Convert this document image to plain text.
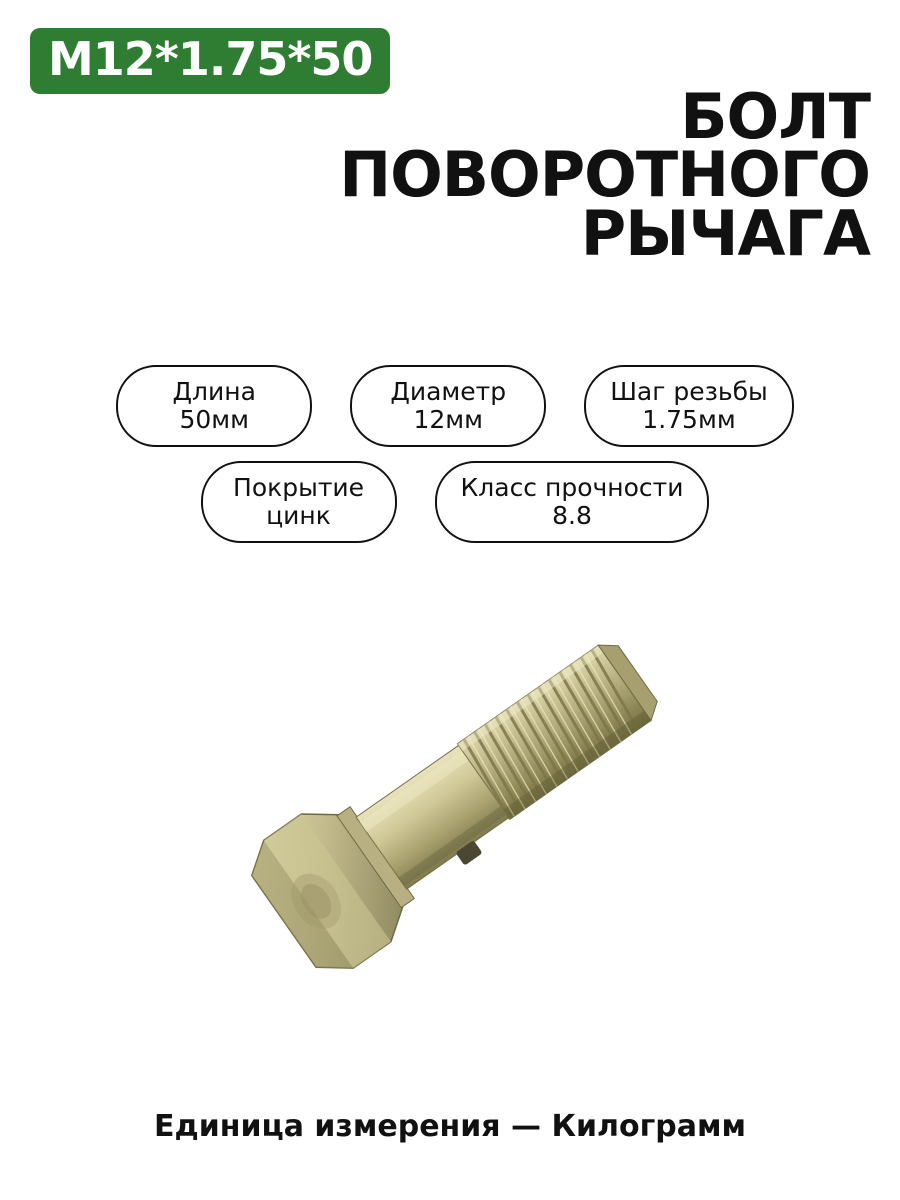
M12*1.75*50
БОЛТ
ПОВОРОТНОГО
РЫЧАГА
Длина
50мм
Диаметр
12мм
Шаг резьбы
1.75мм
Покрытие
цинк
Класс прочности
8.8
Единица измерения — Килограмм
